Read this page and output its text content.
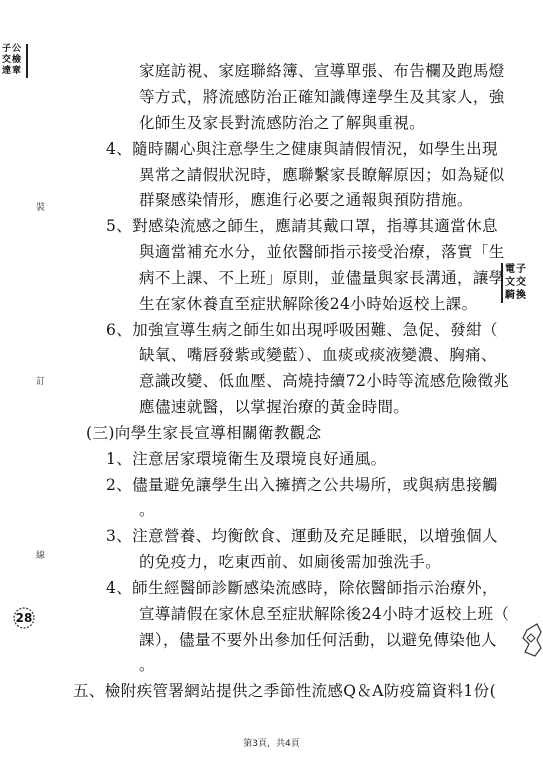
子
交
達
公
檢
章
裝
訂
線
28
電
文
騎
子
交
換
家庭訪視、家庭聯絡簿、宣導單張、布告欄及跑馬燈
等方式，將流感防治正確知識傳達學生及其家人，強
化師生及家長對流感防治之了解與重視。
4、隨時關心與注意學生之健康與請假情況，如學生出現
異常之請假狀況時，應聯繫家長瞭解原因；如為疑似
群聚感染情形，應進行必要之通報與預防措施。
5、對感染流感之師生，應請其戴口罩，指導其適當休息
與適當補充水分，並依醫師指示接受治療，落實「生
病不上課、不上班」原則，並儘量與家長溝通，讓學
生在家休養直至症狀解除後24小時始返校上課。
6、加強宣導生病之師生如出現呼吸困難、急促、發紺（
缺氧、嘴唇發紫或變藍）、血痰或痰液變濃、胸痛、
意識改變、低血壓、高燒持續72小時等流感危險徵兆
應儘速就醫，以掌握治療的黃金時間。
(三)向學生家長宣導相關衛教觀念
1、注意居家環境衛生及環境良好通風。
2、儘量避免讓學生出入擁擠之公共場所，或與病患接觸
。
3、注意營養、均衡飲食、運動及充足睡眠，以增強個人
的免疫力，吃東西前、如廁後需加強洗手。
4、師生經醫師診斷感染流感時，除依醫師指示治療外，
宣導請假在家休息至症狀解除後24小時才返校上班（
課），儘量不要外出參加任何活動，以避免傳染他人
。
五、檢附疾管署網站提供之季節性流感Q＆A防疫篇資料1份(
第3頁，共4頁
